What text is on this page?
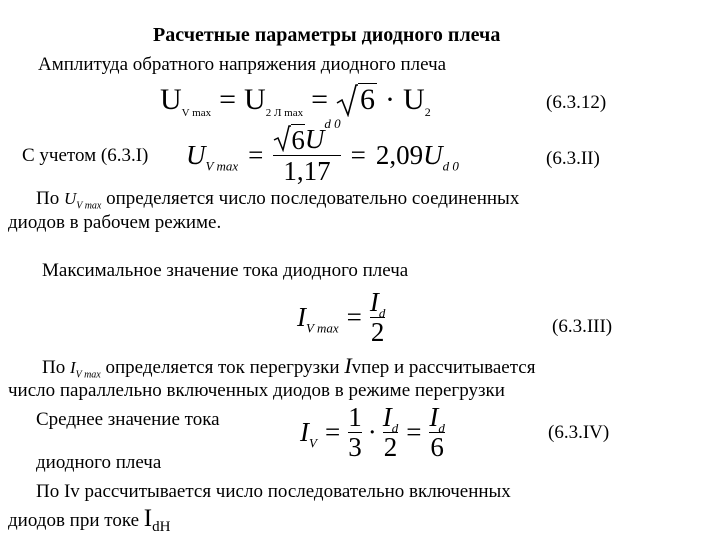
Расчетные параметры диодного плеча
Амплитуда обратного напряжения диодного плеча
$U_{V max} = U_{2 Л max} = 6 \cdot U_2$	(6.3.12)
С учетом (6.3.I) $U_{V max} = 6$ U
d 0
1,17 = 2,09 $U_{d 0}$	(6.3.II)
По $U_{V max}$ определяется число последовательно соединенных
диодов в рабочем режиме.
Максимальное значение тока диодного плеча
$I_{V max} = \frac{I_d}{2}$	(6.3.III)
По $I_{V max}$ определяется ток перегрузки Ivпер и рассчитывается
число параллельно включенных диодов в режиме перегрузки
Среднее значение тока
диодного плеча
$I_V = \frac{1}{3} \cdot \frac{I_d}{2} = \frac{I_d}{6}$	(6.3.IV)
По Iv рассчитывается число последовательно включенных
диодов при токе $I_{dН}$
